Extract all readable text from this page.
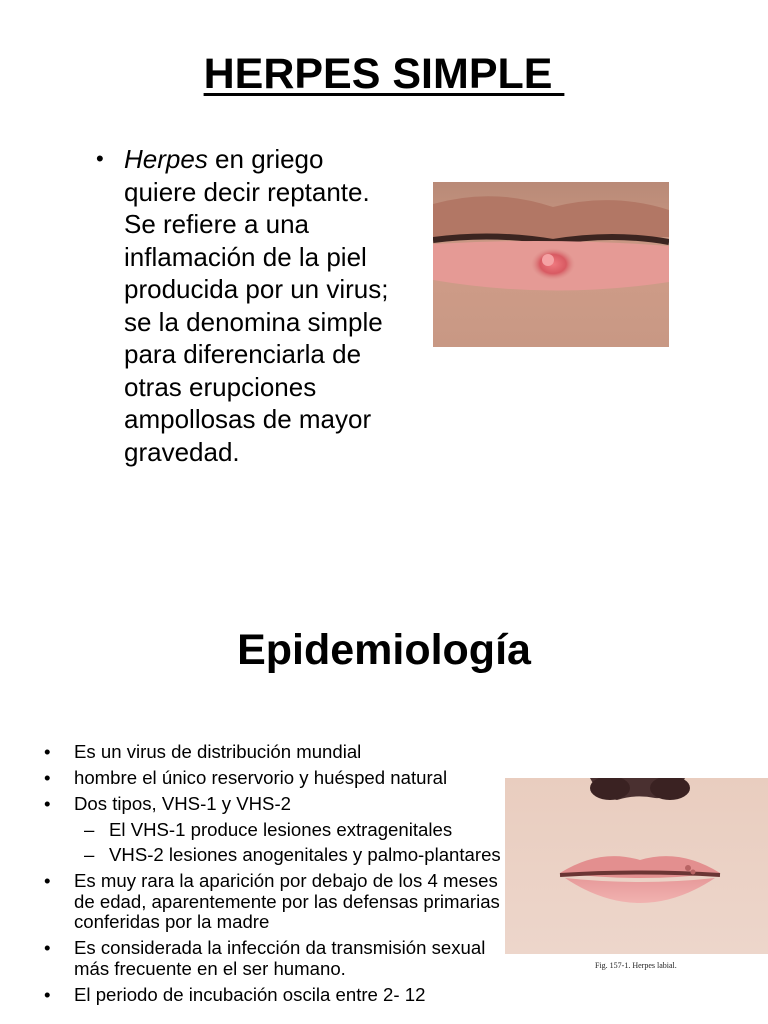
HERPES SIMPLE
• Herpes en griego quiere decir reptante. Se refiere a una inflamación de la piel producida por un virus; se la denomina simple para diferenciarla de otras erupciones ampollosas de mayor gravedad.
Epidemiología
• Es un virus de distribución mundial
• hombre el único reservorio y huésped natural
• Dos tipos, VHS-1 y VHS-2
– El VHS-1 produce lesiones extragenitales
– VHS-2 lesiones anogenitales y palmo-plantares
• Es muy rara la aparición por debajo de los 4 meses de edad, aparentemente por las defensas primarias conferidas por la madre
• Es considerada la infección da transmisión sexual más frecuente en el ser humano.
• El periodo de incubación oscila entre 2- 12
Fig. 157-1. Herpes labial.
